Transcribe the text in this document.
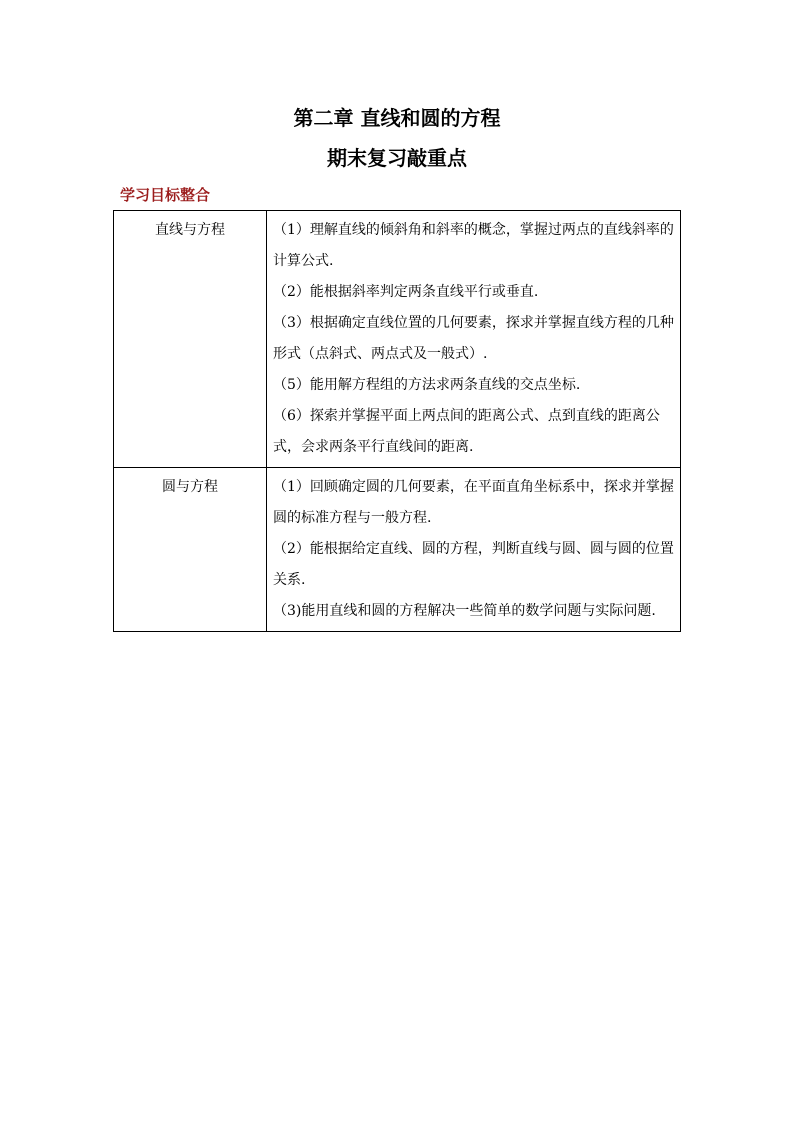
第二章 直线和圆的方程
期末复习敲重点
学习目标整合
直线与方程	（1）理解直线的倾斜角和斜率的概念，掌握过两点的直线斜率的计算公式.

（2）能根据斜率判定两条直线平行或垂直.

（3）根据确定直线位置的几何要素，探求并掌握直线方程的几种形式（点斜式、两点式及一般式）.

（5）能用解方程组的方法求两条直线的交点坐标.

（6）探索并掌握平面上两点间的距离公式、点到直线的距离公式，会求两条平行直线间的距离.

圆与方程	（1）回顾确定圆的几何要素，在平面直角坐标系中，探求并掌握圆的标准方程与一般方程.

（2）能根据给定直线、圆的方程，判断直线与圆、圆与圆的位置关系.

（3)能用直线和圆的方程解决一些简单的数学问题与实际问题.
